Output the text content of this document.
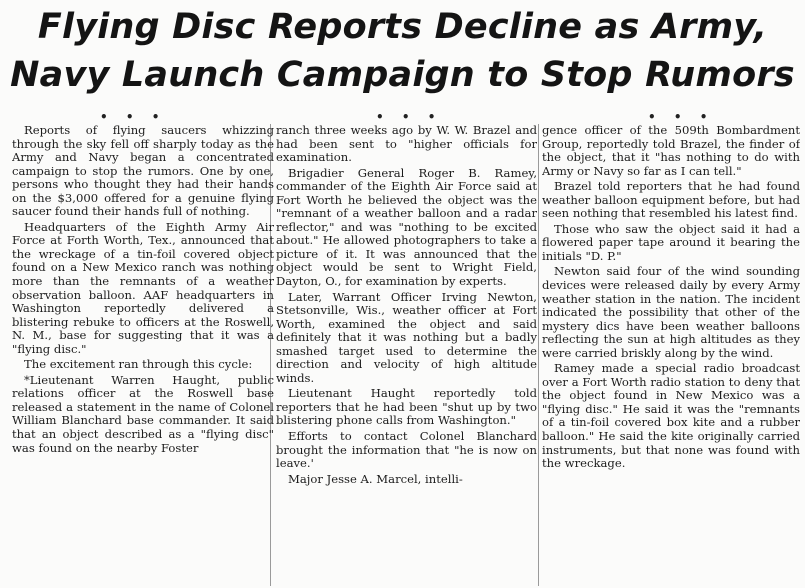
Flying Disc Reports Decline as Army,
Navy Launch Campaign to Stop Rumors
• • •	• • •	• • •

Reports of flying saucers whizzing through the sky fell off sharply today as the Army and Navy began a concentrated campaign to stop the rumors. One by one, persons who thought they had their hands on the $3,000 offered for a genuine flying saucer found their hands full of nothing.

Headquarters of the Eighth Army Air Force at Forth Worth, Tex., announced that the wreckage of a tin-foil covered object found on a New Mexico ranch was nothing more than the remnants of a weather observation balloon. AAF headquarters in Washington reportedly delivered a blistering rebuke to officers at the Roswell, N. M., base for suggesting that it was a "flying disc."

The excitement ran through this cycle:

*Lieutenant Warren Haught, public relations officer at the Roswell base released a statement in the name of Colonel William Blanchard base commander. It said that an object described as a "flying disc" was found on the nearby Foster

ranch three weeks ago by W. W. Brazel and had been sent to "higher officials for examination.

Brigadier General Roger B. Ramey, commander of the Eighth Air Force said at Fort Worth he believed the object was the "remnant of a weather balloon and a radar reflector," and was "nothing to be excited about." He allowed photographers to take a picture of it. It was announced that the object would be sent to Wright Field, Dayton, O., for examination by experts.

Later, Warrant Officer Irving Newton, Stetsonville, Wis., weather officer at Fort Worth, examined the object and said definitely that it was nothing but a badly smashed target used to determine the direction and velocity of high altitude winds.

Lieutenant Haught reportedly told reporters that he had been "shut up by two blistering phone calls from Washington."

Efforts to contact Colonel Blanchard brought the information that "he is now on leave.'

Major Jesse A. Marcel, intelli-

gence officer of the 509th Bombardment Group, reportedly told Brazel, the finder of the object, that it "has nothing to do with Army or Navy so far as I can tell."

Brazel told reporters that he had found weather balloon equipment before, but had seen nothing that resembled his latest find.

Those who saw the object said it had a flowered paper tape around it bearing the initials "D. P."

Newton said four of the wind sounding devices were released daily by every Army weather station in the nation. The incident indicated the possibility that other of the mystery dics have been weather balloons reflecting the sun at high altitudes as they were carried briskly along by the wind.

Ramey made a special radio broadcast over a Fort Worth radio station to deny that the object found in New Mexico was a "flying disc." He said it was the "remnants of a tin-foil covered box kite and a rubber balloon." He said the kite originally carried instruments, but that none was found with the wreckage.
